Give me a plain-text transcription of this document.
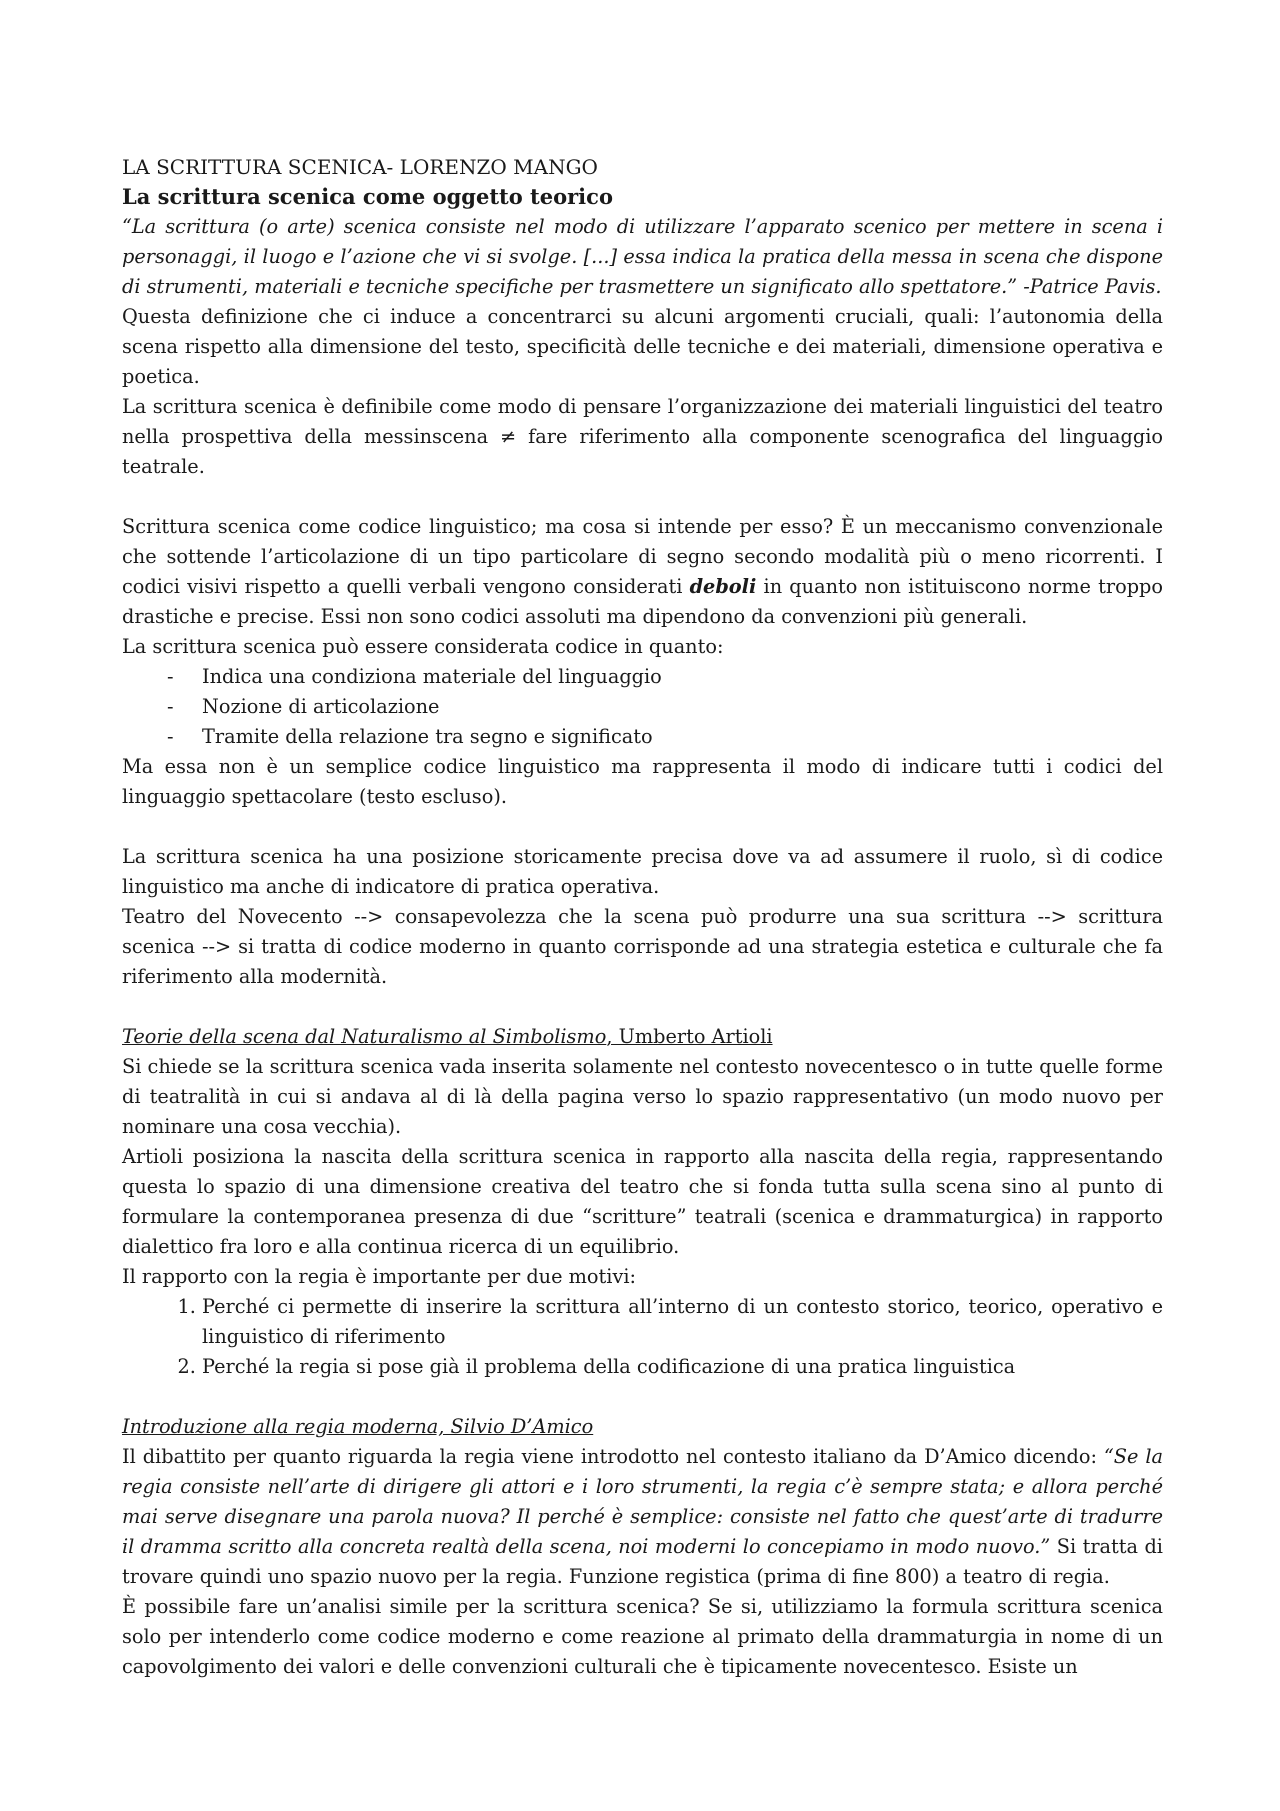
LA SCRITTURA SCENICA- LORENZO MANGO

La scrittura scenica come oggetto teorico

“La scrittura (o arte) scenica consiste nel modo di utilizzare l’apparato scenico per mettere in scena i personaggi, il luogo e l’azione che vi si svolge. [...] essa indica la pratica della messa in scena che dispone di strumenti, materiali e tecniche specifiche per trasmettere un significato allo spettatore.” -Patrice Pavis.

Questa definizione che ci induce a concentrarci su alcuni argomenti cruciali, quali: l’autonomia della scena rispetto alla dimensione del testo, specificità delle tecniche e dei materiali, dimensione operativa e poetica.

La scrittura scenica è definibile come modo di pensare l’organizzazione dei materiali linguistici del teatro nella prospettiva della messinscena ≠ fare riferimento alla componente scenografica del linguaggio teatrale.

Scrittura scenica come codice linguistico; ma cosa si intende per esso? È un meccanismo convenzionale che sottende l’articolazione di un tipo particolare di segno secondo modalità più o meno ricorrenti. I codici visivi rispetto a quelli verbali vengono considerati deboli in quanto non istituiscono norme troppo drastiche e precise. Essi non sono codici assoluti ma dipendono da convenzioni più generali.

La scrittura scenica può essere considerata codice in quanto:

- Indica una condiziona materiale del linguaggio
- Nozione di articolazione
- Tramite della relazione tra segno e significato

Ma essa non è un semplice codice linguistico ma rappresenta il modo di indicare tutti i codici del linguaggio spettacolare (testo escluso).

La scrittura scenica ha una posizione storicamente precisa dove va ad assumere il ruolo, sì di codice linguistico ma anche di indicatore di pratica operativa.

Teatro del Novecento --> consapevolezza che la scena può produrre una sua scrittura --> scrittura scenica --> si tratta di codice moderno in quanto corrisponde ad una strategia estetica e culturale che fa riferimento alla modernità.

Teorie della scena dal Naturalismo al Simbolismo, Umberto Artioli

Si chiede se la scrittura scenica vada inserita solamente nel contesto novecentesco o in tutte quelle forme di teatralità in cui si andava al di là della pagina verso lo spazio rappresentativo (un modo nuovo per nominare una cosa vecchia).

Artioli posiziona la nascita della scrittura scenica in rapporto alla nascita della regia, rappresentando questa lo spazio di una dimensione creativa del teatro che si fonda tutta sulla scena sino al punto di formulare la contemporanea presenza di due “scritture” teatrali (scenica e drammaturgica) in rapporto dialettico fra loro e alla continua ricerca di un equilibrio.

Il rapporto con la regia è importante per due motivi:

1. Perché ci permette di inserire la scrittura all’interno di un contesto storico, teorico, operativo e linguistico di riferimento
2. Perché la regia si pose già il problema della codificazione di una pratica linguistica

Introduzione alla regia moderna, Silvio D’Amico

Il dibattito per quanto riguarda la regia viene introdotto nel contesto italiano da D’Amico dicendo: “Se la regia consiste nell’arte di dirigere gli attori e i loro strumenti, la regia c’è sempre stata; e allora perché mai serve disegnare una parola nuova? Il perché è semplice: consiste nel fatto che quest’arte di tradurre il dramma scritto alla concreta realtà della scena, noi moderni lo concepiamo in modo nuovo.” Si tratta di trovare quindi uno spazio nuovo per la regia. Funzione registica (prima di fine 800) a teatro di regia.

È possibile fare un’analisi simile per la scrittura scenica? Se si, utilizziamo la formula scrittura scenica solo per intenderlo come codice moderno e come reazione al primato della drammaturgia in nome di un capovolgimento dei valori e delle convenzioni culturali che è tipicamente novecentesco. Esiste un
